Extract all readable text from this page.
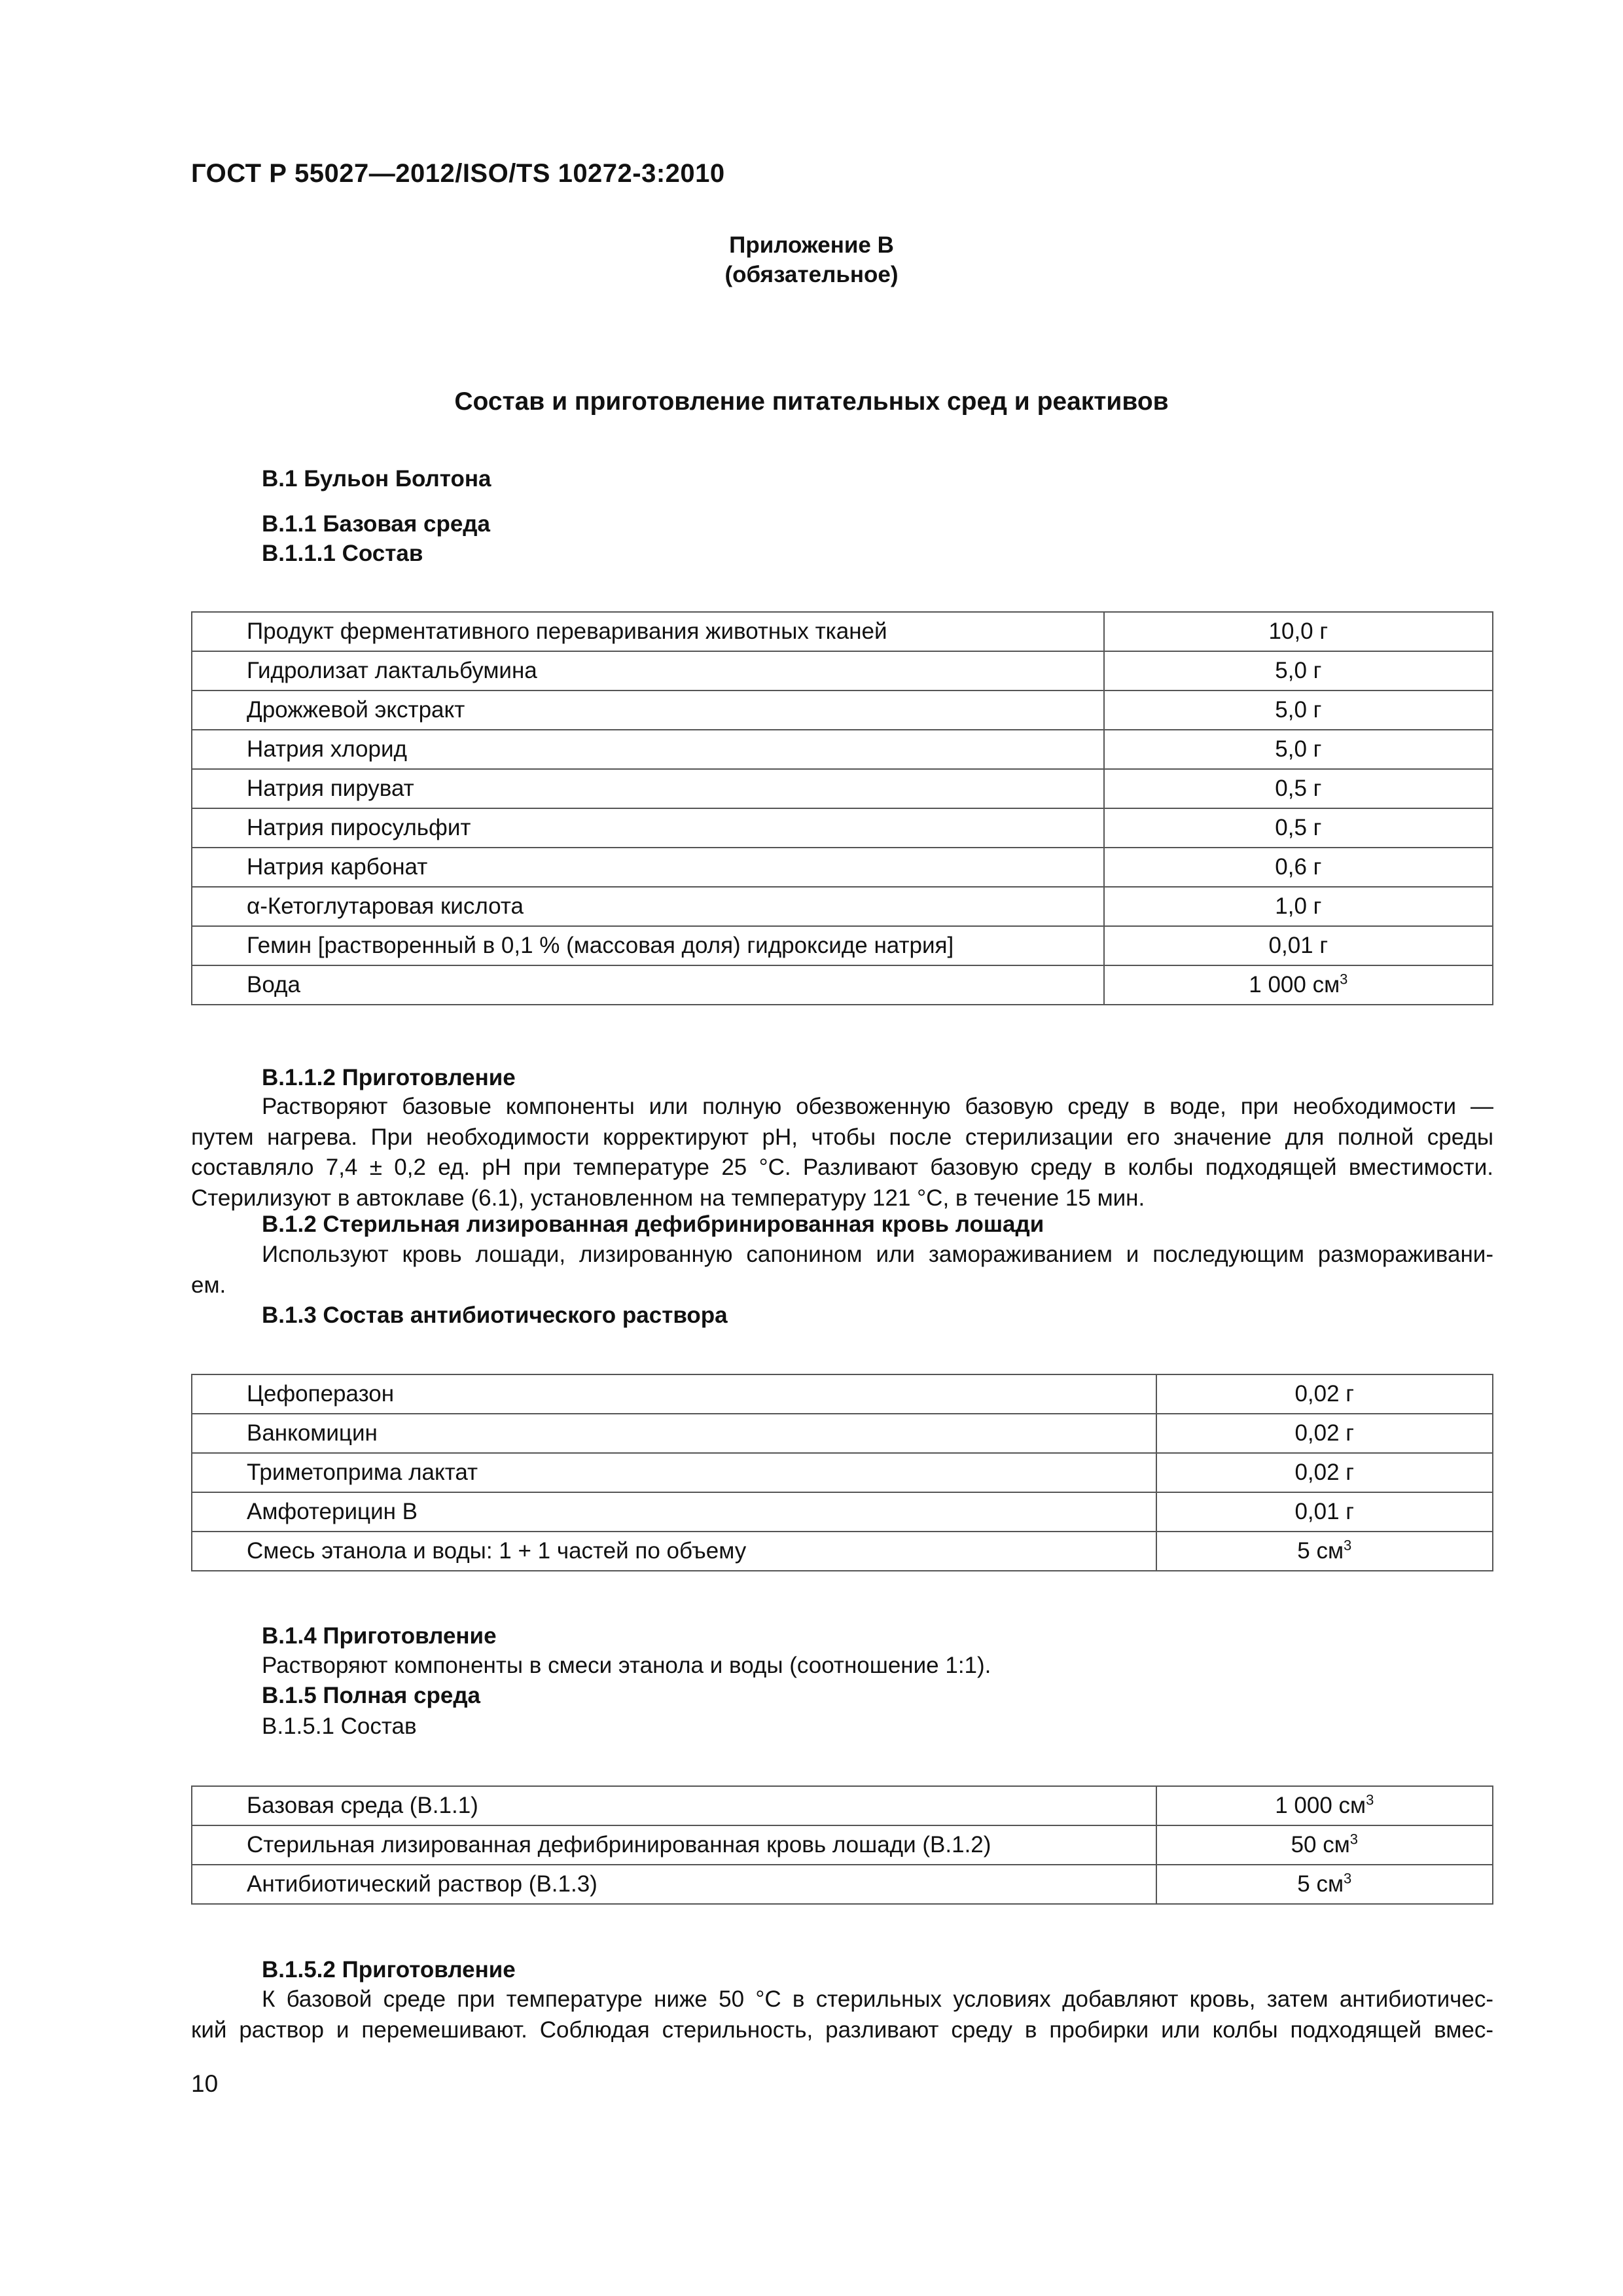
ГОСТ Р 55027—2012/ISO/TS 10272-3:2010
Приложение В
(обязательное)
Состав и приготовление питательных сред и реактивов
В.1 Бульон Болтона
В.1.1 Базовая среда
В.1.1.1 Состав
Продукт ферментативного переваривания животных тканей	10,0 г
Гидролизат лактальбумина	5,0 г
Дрожжевой экстракт	5,0 г
Натрия хлорид	5,0 г
Натрия пируват	0,5 г
Натрия пиросульфит	0,5 г
Натрия карбонат	0,6 г
α-Кетоглутаровая кислота	1,0 г
Гемин [растворенный в 0,1 % (массовая доля) гидроксиде натрия]	0,01 г
Вода	1 000 $см^3$
В.1.1.2 Приготовление
Растворяют базовые компоненты или полную обезвоженную базовую среду в воде, при необходимости —
путем нагрева. При необходимости корректируют рН, чтобы после стерилизации его значение для полной среды
составляло 7,4 ± 0,2 ед. рН при температуре 25 °С. Разливают базовую среду в колбы подходящей вместимости.
Стерилизуют в автоклаве (6.1), установленном на температуру 121 °С, в течение 15 мин.
В.1.2 Стерильная лизированная дефибринированная кровь лошади
Используют кровь лошади, лизированную сапонином или замораживанием и последующим размораживани-
ем.
В.1.3 Состав антибиотического раствора
Цефоперазон	0,02 г
Ванкомицин	0,02 г
Триметоприма лактат	0,02 г
Амфотерицин В	0,01 г
Смесь этанола и воды: 1 + 1 частей по объему	5 $см^3$
В.1.4 Приготовление
Растворяют компоненты в смеси этанола и воды (соотношение 1:1).
В.1.5 Полная среда
В.1.5.1 Состав
Базовая среда (В.1.1)	1 000 $см^3$
Стерильная лизированная дефибринированная кровь лошади (В.1.2)	50 $см^3$
Антибиотический раствор (В.1.3)	5 $см^3$
В.1.5.2 Приготовление
К базовой среде при температуре ниже 50 °С в стерильных условиях добавляют кровь, затем антибиотичес-
кий раствор и перемешивают. Соблюдая стерильность, разливают среду в пробирки или колбы подходящей вмес-
10
